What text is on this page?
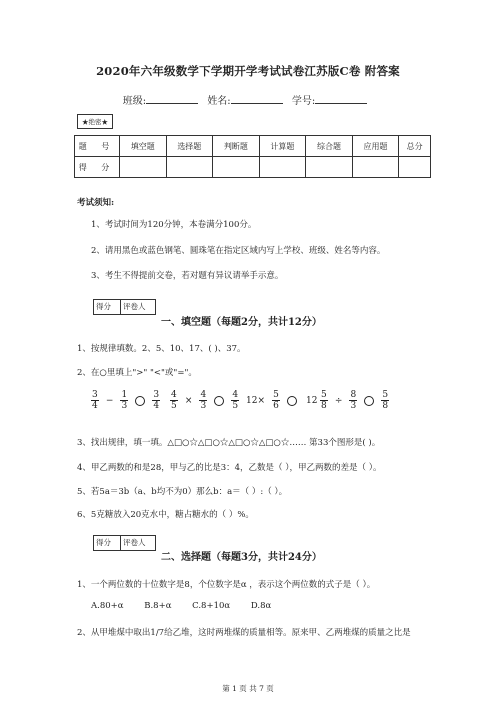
2020年六年级数学下学期开学考试试卷江苏版C卷 附答案
班级:	姓名:	学号:
★绝密★
题 号	填空题	选择题	判断题	计算题	综合题	应用题	总分
得 分							
考试须知:
1、考试时间为120分钟，本卷满分100分。
2、请用黑色或蓝色钢笔、圆珠笔在指定区域内写上学校、班级、姓名等内容。
3、考生不得提前交卷，若对题有异议请举手示意。
得分	评卷人
一、填空题（每题2分，共计12分）
1、按规律填数。2、5、10、17、( )、37。
2、在○里填上">" "<"或"="。
$\frac{3}{4} - \frac{1}{3}$
	$\frac{3}{4} \frac{4}{5} \times \frac{4}{3}$
	$\frac{4}{5} 12\times \frac{5}{6}$	$12 \frac{5}{8} \div \frac{8}{3}$
	$\frac{5}{8}$
3、找出规律，填一填。△□○☆△□○☆△□○☆△□○☆…… 第33个图形是( )。
4、甲乙两数的和是28，甲与乙的比是3：4，乙数是（ ），甲乙两数的差是（ ）。
5、若5a＝3b（a、b均不为0）那么b：a＝（ ）:（ ）。
6、5克糖放入20克水中，糖占糖水的（ ）%。
得分	评卷人
二、选择题（每题3分，共计24分）
1、一个两位数的十位数字是8，个位数字是α ，表示这个两位数的式子是（ ）。
A.80+α B.8+α C.8+10α D.8α
2、从甲堆煤中取出1/7给乙堆，这时两堆煤的质量相等。原来甲、乙两堆煤的质量之比是
第 1 页 共 7 页
